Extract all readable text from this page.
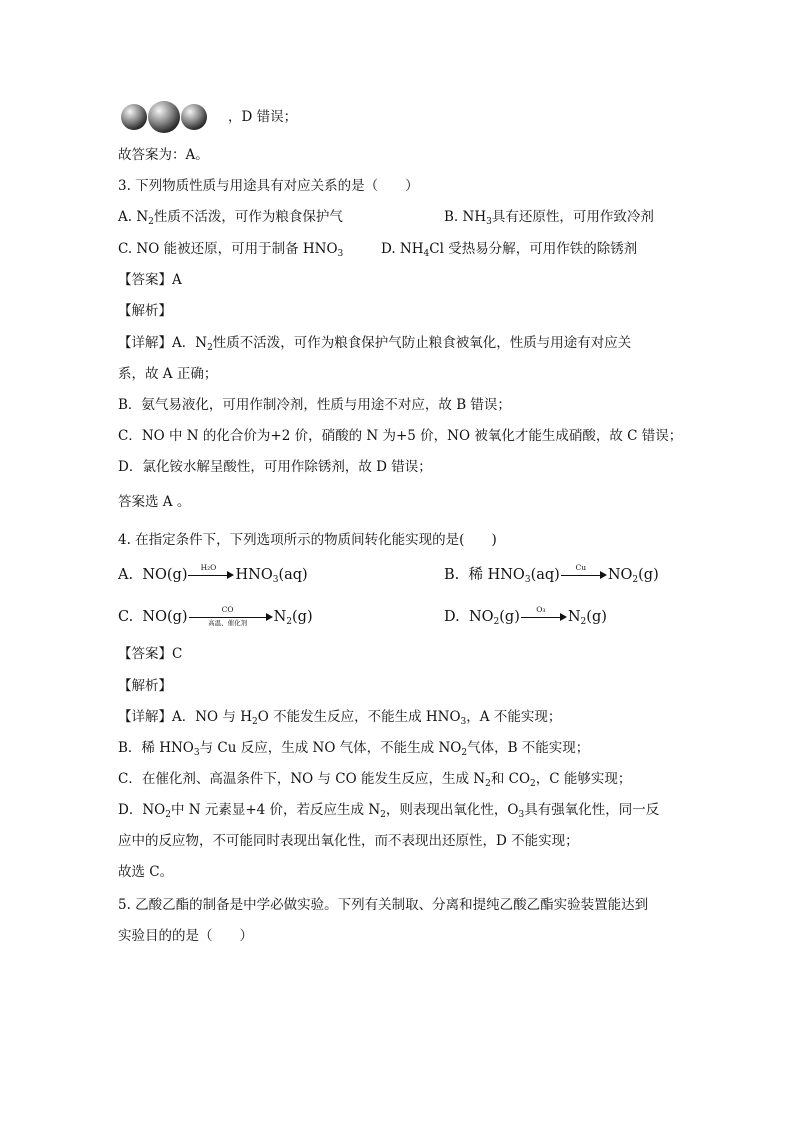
，D 错误；
故答案为：A。
3. 下列物质性质与用途具有对应关系的是（　　）
A. $N_2$性质不活泼，可作为粮食保护气	B. $NH_3$具有还原性，可用作致冷剂
C. NO 能被还原，可用于制备 $HNO_3$	D. $NH_4Cl$ 受热易分解，可用作铁的除锈剂
【答案】A
【解析】
【详解】A．$N_2$性质不活泼，可作为粮食保护气防止粮食被氧化，性质与用途有对应关
系，故 A 正确；
B．氨气易液化，可用作制冷剂，性质与用途不对应，故 B 错误；
C．NO 中 N 的化合价为+2 价，硝酸的 N 为+5 价，NO 被氧化才能生成硝酸，故 C 错误；
D．氯化铵水解呈酸性，可用作除锈剂，故 D 错误；
答案选 A 。
4. 在指定条件下，下列选项所示的物质间转化能实现的是(　　)
A. NO(g)	H₂O	$HNO_3(aq)$	B. 稀 $HNO_3(aq)$	Cu	$NO_2(g)$
C. NO(g)	CO
高温、催化剂	$N_2(g)$	D. $NO_2(g)$	O₃	$N_2(g)$
【答案】C
【解析】
【详解】A．NO 与 $H_2O$ 不能发生反应，不能生成 $HNO_3$，A 不能实现；
B．稀 $HNO_3$与 Cu 反应，生成 NO 气体，不能生成 $NO_2$气体，B 不能实现；
C．在催化剂、高温条件下，NO 与 CO 能发生反应，生成 $N_2$和 $CO_2$，C 能够实现；
D．$NO_2$中 N 元素显+4 价，若反应生成 $N_2$，则表现出氧化性，$O_3$具有强氧化性，同一反
应中的反应物，不可能同时表现出氧化性，而不表现出还原性，D 不能实现；
故选 C。
5. 乙酸乙酯的制备是中学必做实验。下列有关制取、分离和提纯乙酸乙酯实验装置能达到
实验目的的是（　　）
